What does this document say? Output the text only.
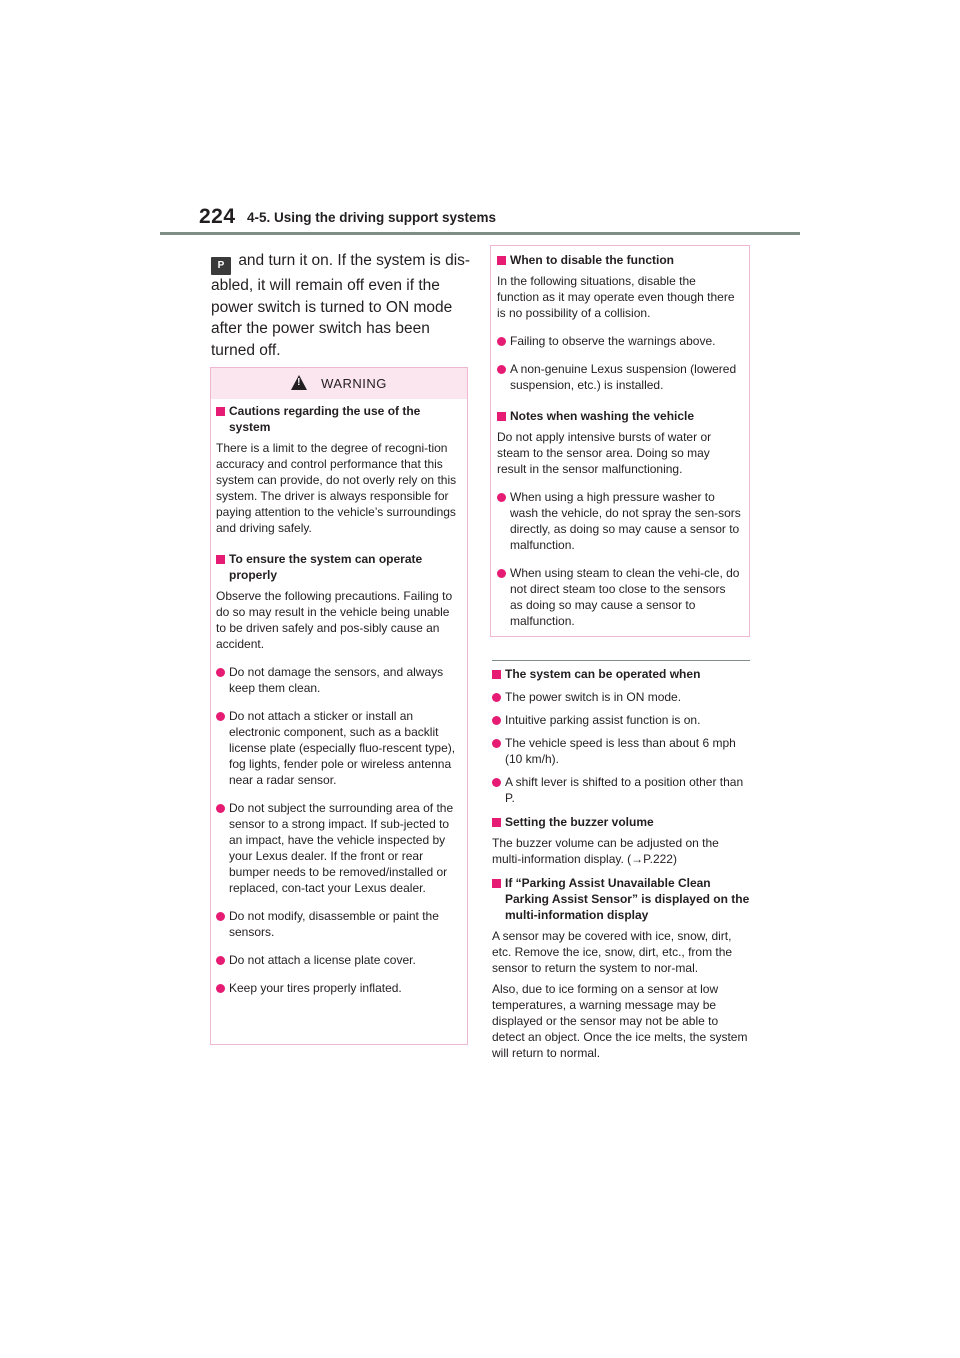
224 4-5. Using the driving support systems
P and turn it on. If the system is dis-abled, it will remain off even if the power switch is turned to ON mode after the power switch has been turned off.
!WARNING
Cautions regarding the use of the system
There is a limit to the degree of recogni-tion accuracy and control performance that this system can provide, do not overly rely on this system. The driver is always responsible for paying attention to the vehicle’s surroundings and driving safely.
To ensure the system can operate properly
Observe the following precautions. Failing to do so may result in the vehicle being unable to be driven safely and pos-sibly cause an accident.
Do not damage the sensors, and always keep them clean.
Do not attach a sticker or install an electronic component, such as a backlit license plate (especially fluo-rescent type), fog lights, fender pole or wireless antenna near a radar sensor.
Do not subject the surrounding area of the sensor to a strong impact. If sub-jected to an impact, have the vehicle inspected by your Lexus dealer. If the front or rear bumper needs to be removed/installed or replaced, con-tact your Lexus dealer.
Do not modify, disassemble or paint the sensors.
Do not attach a license plate cover.
Keep your tires properly inflated.
When to disable the function
In the following situations, disable the function as it may operate even though there is no possibility of a collision.
Failing to observe the warnings above.
A non-genuine Lexus suspension (lowered suspension, etc.) is installed.
Notes when washing the vehicle
Do not apply intensive bursts of water or steam to the sensor area. Doing so may result in the sensor malfunctioning.
When using a high pressure washer to wash the vehicle, do not spray the sen-sors directly, as doing so may cause a sensor to malfunction.
When using steam to clean the vehi-cle, do not direct steam too close to the sensors as doing so may cause a sensor to malfunction.
The system can be operated when
The power switch is in ON mode.
Intuitive parking assist function is on.
The vehicle speed is less than about 6 mph (10 km/h).
A shift lever is shifted to a position other than P.
Setting the buzzer volume
The buzzer volume can be adjusted on the multi-information display. (→P.222)
If “Parking Assist Unavailable Clean Parking Assist Sensor” is displayed on the multi-information display
A sensor may be covered with ice, snow, dirt, etc. Remove the ice, snow, dirt, etc., from the sensor to return the system to nor-mal.
Also, due to ice forming on a sensor at low temperatures, a warning message may be displayed or the sensor may not be able to detect an object. Once the ice melts, the system will return to normal.
